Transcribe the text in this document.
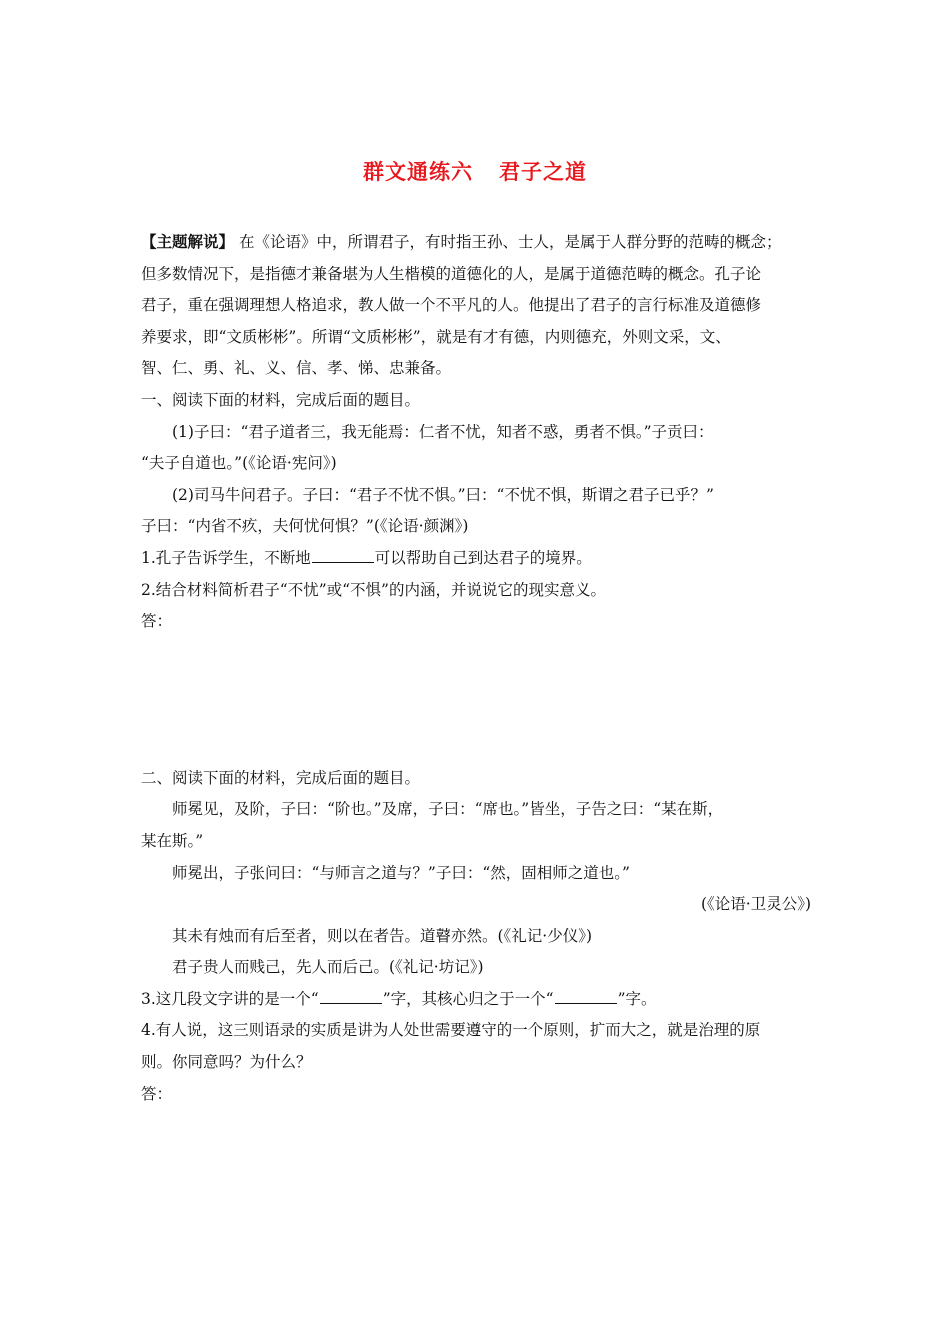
群文通练六 君子之道

【主题解说】 在《论语》中，所谓君子，有时指王孙、士人，是属于人群分野的范畴的概念；

但多数情况下，是指德才兼备堪为人生楷模的道德化的人，是属于道德范畴的概念。孔子论

君子，重在强调理想人格追求，教人做一个不平凡的人。他提出了君子的言行标准及道德修

养要求，即“文质彬彬”。所谓“文质彬彬”，就是有才有德，内则德充，外则文采，文、

智、仁、勇、礼、义、信、孝、悌、忠兼备。

一、阅读下面的材料，完成后面的题目。

(1)子曰：“君子道者三，我无能焉：仁者不忧，知者不惑，勇者不惧。”子贡曰：

“夫子自道也。”(《论语·宪问》)

(2)司马牛问君子。子曰：“君子不忧不惧。”曰：“不忧不惧，斯谓之君子已乎？”

子曰：“内省不疚，夫何忧何惧？”(《论语·颜渊》)

1.孔子告诉学生，不断地	可以帮助自己到达君子的境界。

2.结合材料简析君子“不忧”或“不惧”的内涵，并说说它的现实意义。

答：

二、阅读下面的材料，完成后面的题目。

师冕见，及阶，子曰：“阶也。”及席，子曰：“席也。”皆坐，子告之曰：“某在斯，

某在斯。”

师冕出，子张问曰：“与师言之道与？”子曰：“然，固相师之道也。”

(《论语·卫灵公》)

其未有烛而有后至者，则以在者告。道瞽亦然。(《礼记·少仪》)

君子贵人而贱己，先人而后己。(《礼记·坊记》)

3.这几段文字讲的是一个“	”字，其核心归之于一个“	”字。

4.有人说，这三则语录的实质是讲为人处世需要遵守的一个原则，扩而大之，就是治理的原

则。你同意吗？为什么？

答：
